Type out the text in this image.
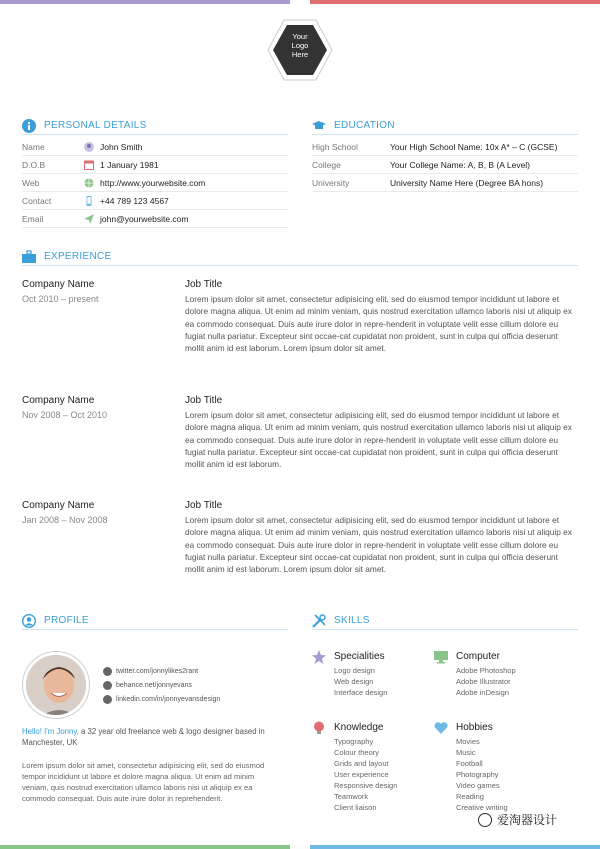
Your
Logo
Here
PERSONAL DETAILS
Name	John Smith
D.O.B	1 January 1981
Web	http://www.yourwebsite.com
Contact	+44 789 123 4567
Email	john@yourwebsite.com
EDUCATION
High School	Your High School Name: 10x A* – C (GCSE)
College	Your College Name: A, B, B (A Level)
University	University Name Here (Degree BA hons)
EXPERIENCE
Company Name
Oct 2010 – present
Job Title
Lorem ipsum dolor sit amet, consectetur adipisicing elit, sed do eiusmod tempor incididunt ut labore et dolore magna aliqua. Ut enim ad minim veniam, quis nostrud exercitation ullamco laboris nisi ut aliquip ex ea commodo consequat. Duis aute irure dolor in repre-henderit in voluptate velit esse cillum dolore eu fugiat nulla pariatur. Excepteur sint occae-cat cupidatat non proident, sunt in culpa qui officia deserunt mollit anim id est laborum. Lorem ipsum dolor sit amet.
Company Name
Nov 2008 – Oct 2010
Job Title
Lorem ipsum dolor sit amet, consectetur adipisicing elit, sed do eiusmod tempor incididunt ut labore et dolore magna aliqua. Ut enim ad minim veniam, quis nostrud exercitation ullamco laboris nisi ut aliquip ex ea commodo consequat. Duis aute irure dolor in repre-henderit in voluptate velit esse cillum dolore eu fugiat nulla pariatur. Excepteur sint occae-cat cupidatat non proident, sunt in culpa qui officia deserunt mollit anim id est laborum.
Company Name
Jan 2008 – Nov 2008
Job Title
Lorem ipsum dolor sit amet, consectetur adipisicing elit, sed do eiusmod tempor incididunt ut labore et dolore magna aliqua. Ut enim ad minim veniam, quis nostrud exercitation ullamco laboris nisi ut aliquip ex ea commodo consequat. Duis aute irure dolor in repre-henderit in voluptate velit esse cillum dolore eu fugiat nulla pariatur. Excepteur sint occae-cat cupidatat non proident, sunt in culpa qui officia deserunt mollit anim id est laborum. Lorem ipsum dolor sit amet.
PROFILE
twitter.com/jonnylikes2rant
behance.net/jonnyevans
linkedin.com/in/jonnyevansdesign
Hello! I'm Jonny, a 32 year old freelance web & logo designer based in Manchester, UK
Lorem ipsum dolor sit amet, consectetur adipisicing elit, sed do eiusmod tempor incididunt ut labore et dolore magna aliqua. Ut enim ad minim veniam, quis nostrud exercitation ullamco laboris nisi ut aliquip ex ea commodo consequat. Duis aute irure dolor in reprehenderit.
SKILLS
Specialities
Logo design
Web design
Interface design
Computer
Adobe Photoshop
Adobe Illustrator
Adobe inDesign
Knowledge
Typography
Colour theory
Grids and layout
User experience
Responsive design
Teamwork
Client liaison
Hobbies
Movies
Music
Football
Photography
Video games
Reading
Creative writing
爱淘器设计
